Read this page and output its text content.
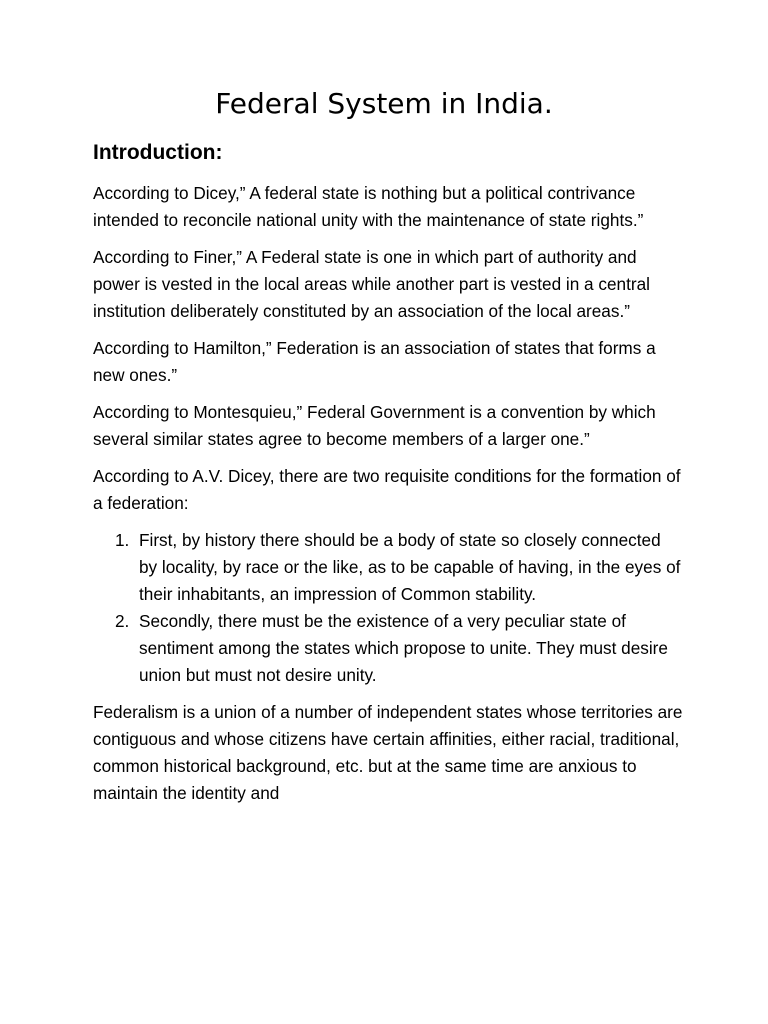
Federal System in India.
Introduction:

According to Dicey,” A federal state is nothing but a political contrivance intended to reconcile national unity with the maintenance of state rights.”

According to Finer,” A Federal state is one in which part of authority and power is vested in the local areas while another part is vested in a central institution deliberately constituted by an association of the local areas.”

According to Hamilton,” Federation is an association of states that forms a new ones.”

According to Montesquieu,” Federal Government is a convention by which several similar states agree to become members of a larger one.”

According to A.V. Dicey, there are two requisite conditions for the formation of a federation:

1. First, by history there should be a body of state so closely connected by locality, by race or the like, as to be capable of having, in the eyes of their inhabitants, an impression of Common stability.
2. Secondly, there must be the existence of a very peculiar state of sentiment among the states which propose to unite. They must desire union but must not desire unity.

Federalism is a union of a number of independent states whose territories are contiguous and whose citizens have certain affinities, either racial, traditional, common historical background, etc. but at the same time are anxious to maintain the identity and
